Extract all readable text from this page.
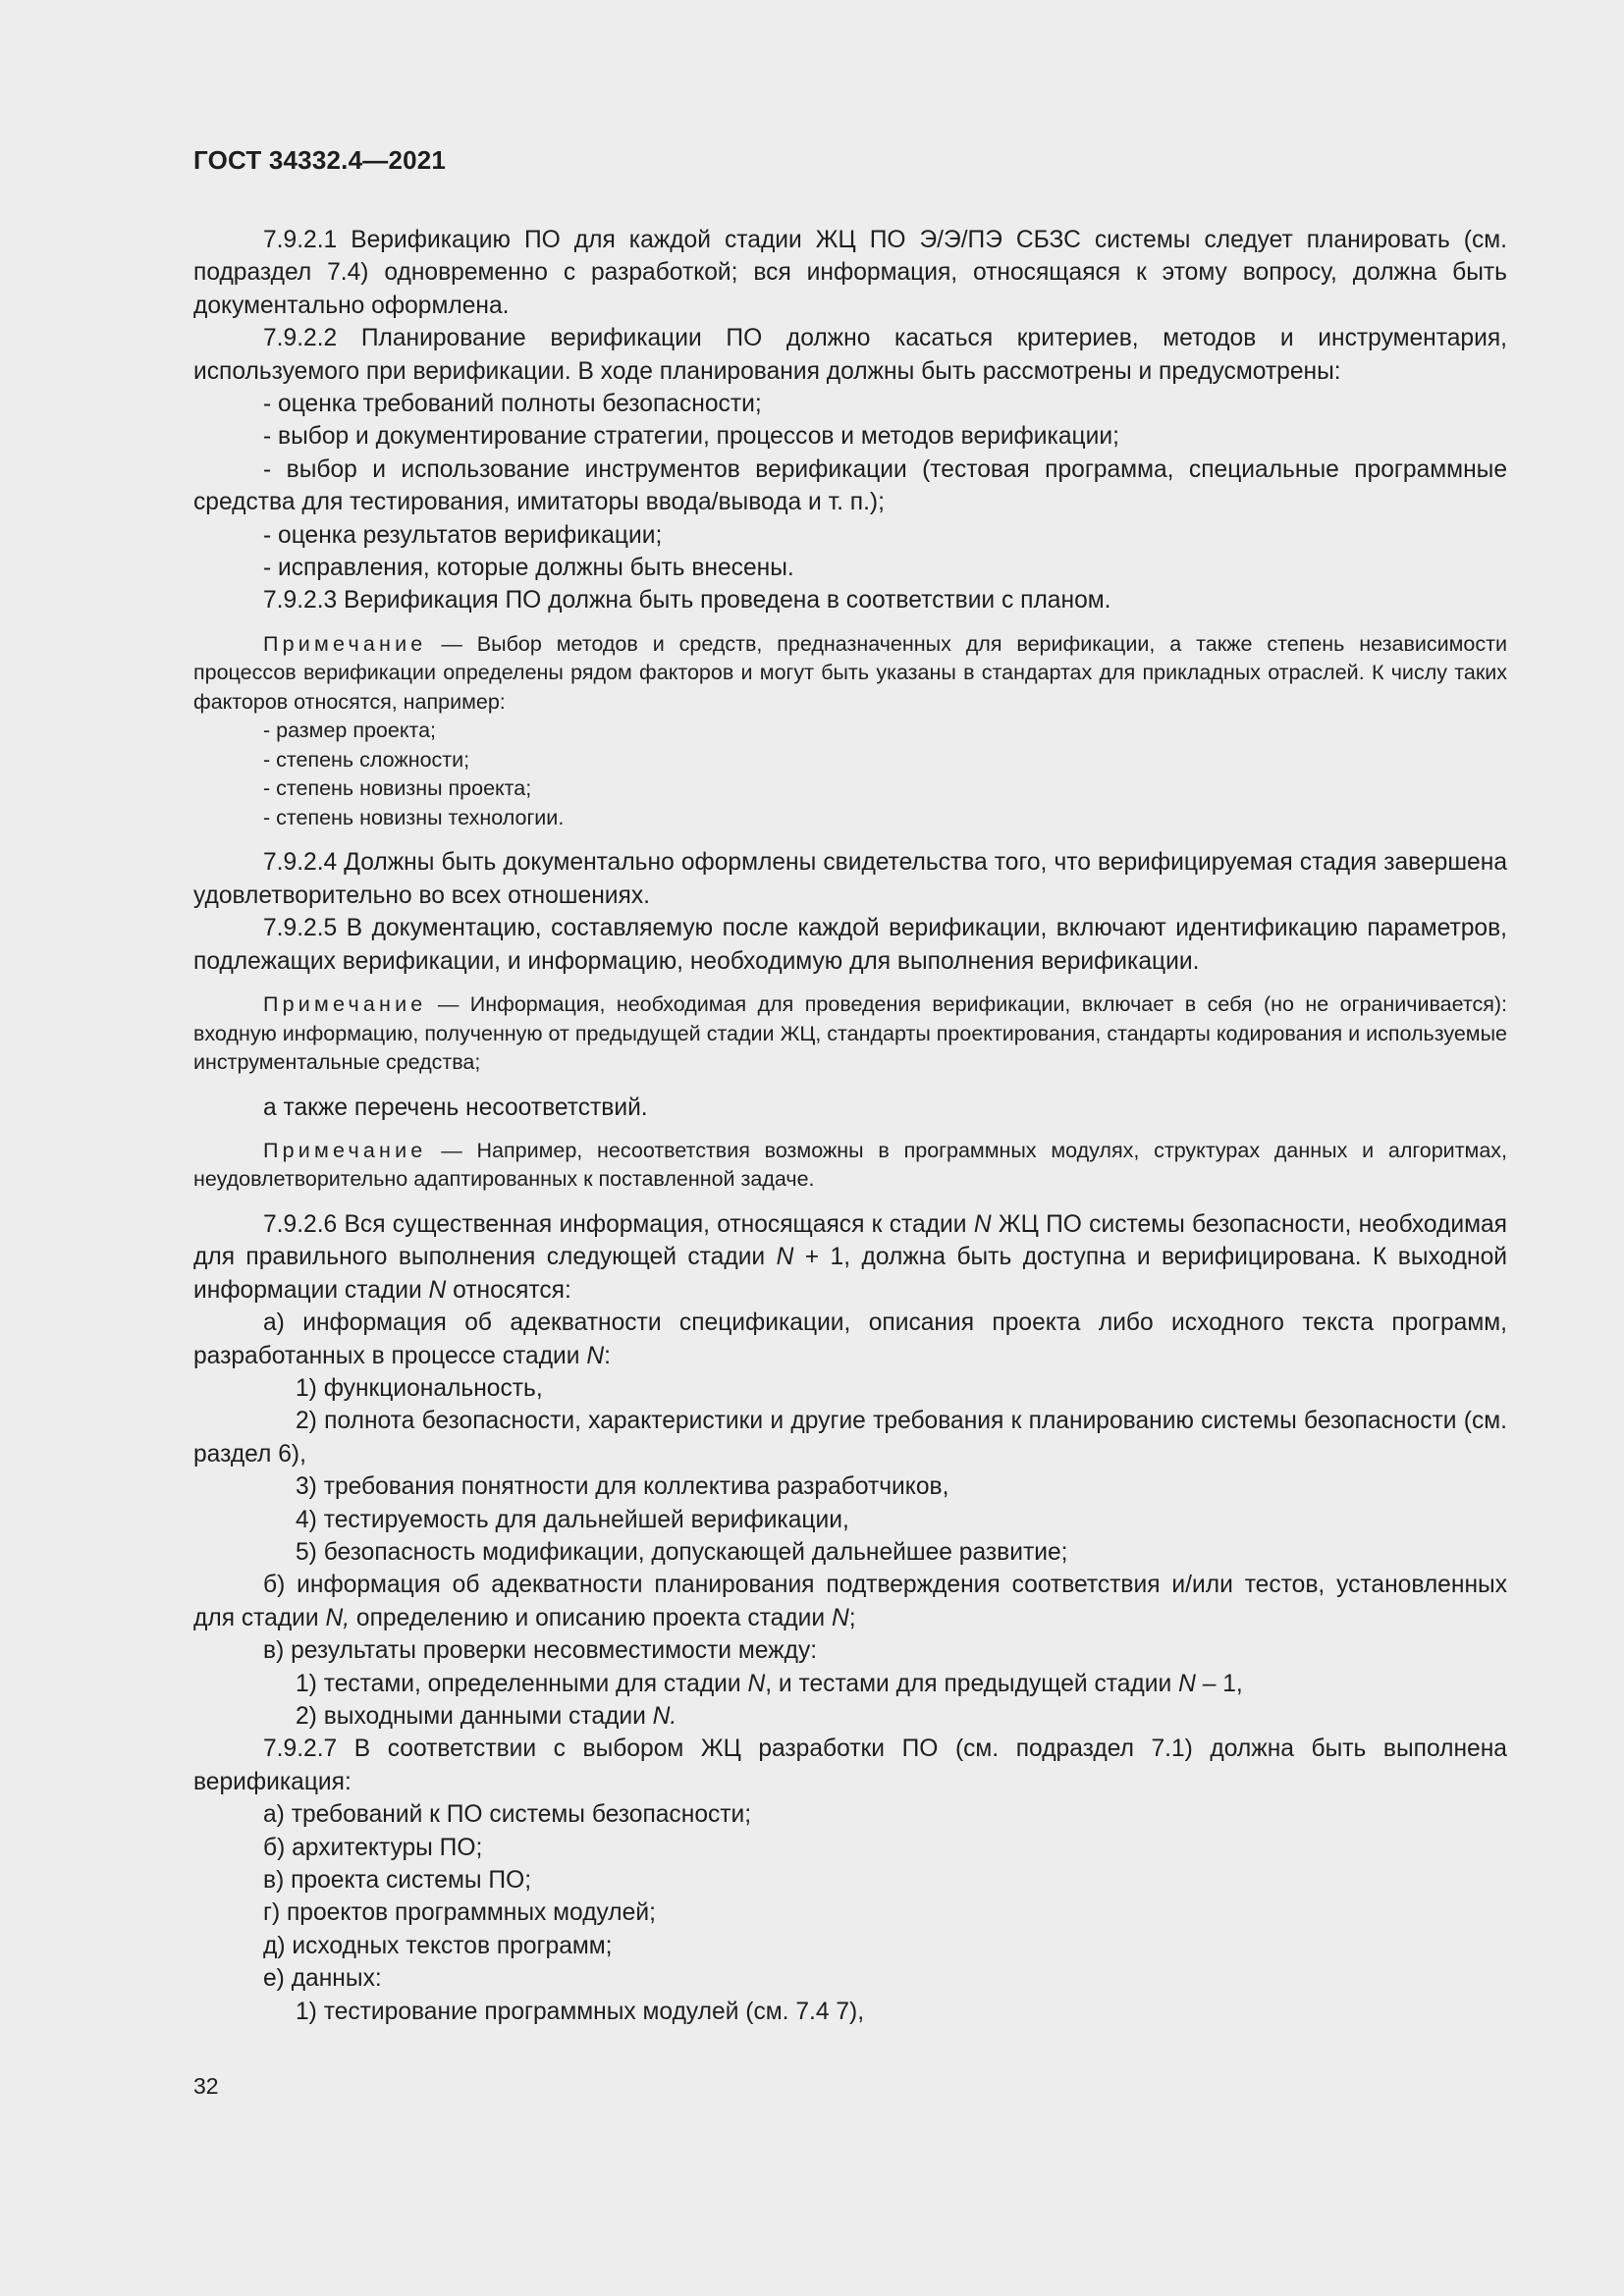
ГОСТ 34332.4—2021

7.9.2.1 Верификацию ПО для каждой стадии ЖЦ ПО Э/Э/ПЭ СБЗС системы следует планировать (см. подраздел 7.4) одновременно с разработкой; вся информация, относящаяся к этому вопросу, должна быть документально оформлена.

7.9.2.2 Планирование верификации ПО должно касаться критериев, методов и инструментария, используемого при верификации. В ходе планирования должны быть рассмотрены и предусмотрены:

- оценка требований полноты безопасности;

- выбор и документирование стратегии, процессов и методов верификации;

- выбор и использование инструментов верификации (тестовая программа, специальные программные средства для тестирования, имитаторы ввода/вывода и т. п.);

- оценка результатов верификации;

- исправления, которые должны быть внесены.

7.9.2.3 Верификация ПО должна быть проведена в соответствии с планом.

Примечание — Выбор методов и средств, предназначенных для верификации, а также степень независимости процессов верификации определены рядом факторов и могут быть указаны в стандартах для прикладных отраслей. К числу таких факторов относятся, например:

- размер проекта;

- степень сложности;

- степень новизны проекта;

- степень новизны технологии.

7.9.2.4 Должны быть документально оформлены свидетельства того, что верифицируемая стадия завершена удовлетворительно во всех отношениях.

7.9.2.5 В документацию, составляемую после каждой верификации, включают идентификацию параметров, подлежащих верификации, и информацию, необходимую для выполнения верификации.

Примечание — Информация, необходимая для проведения верификации, включает в себя (но не ограничивается): входную информацию, полученную от предыдущей стадии ЖЦ, стандарты проектирования, стандарты кодирования и используемые инструментальные средства;

а также перечень несоответствий.

Примечание — Например, несоответствия возможны в программных модулях, структурах данных и алгоритмах, неудовлетворительно адаптированных к поставленной задаче.

7.9.2.6 Вся существенная информация, относящаяся к стадии N ЖЦ ПО системы безопасности, необходимая для правильного выполнения следующей стадии N + 1, должна быть доступна и верифицирована. К выходной информации стадии N относятся:

а) информация об адекватности спецификации, описания проекта либо исходного текста программ, разработанных в процессе стадии N:

1) функциональность,

2) полнота безопасности, характеристики и другие требования к планированию системы безопасности (см. раздел 6),

3) требования понятности для коллектива разработчиков,

4) тестируемость для дальнейшей верификации,

5) безопасность модификации, допускающей дальнейшее развитие;

б) информация об адекватности планирования подтверждения соответствия и/или тестов, установленных для стадии N, определению и описанию проекта стадии N;

в) результаты проверки несовместимости между:

1) тестами, определенными для стадии N, и тестами для предыдущей стадии N – 1,

2) выходными данными стадии N.

7.9.2.7 В соответствии с выбором ЖЦ разработки ПО (см. подраздел 7.1) должна быть выполнена верификация:

а) требований к ПО системы безопасности;

б) архитектуры ПО;

в) проекта системы ПО;

г) проектов программных модулей;

д) исходных текстов программ;

е) данных:

1) тестирование программных модулей (см. 7.4 7),

32
